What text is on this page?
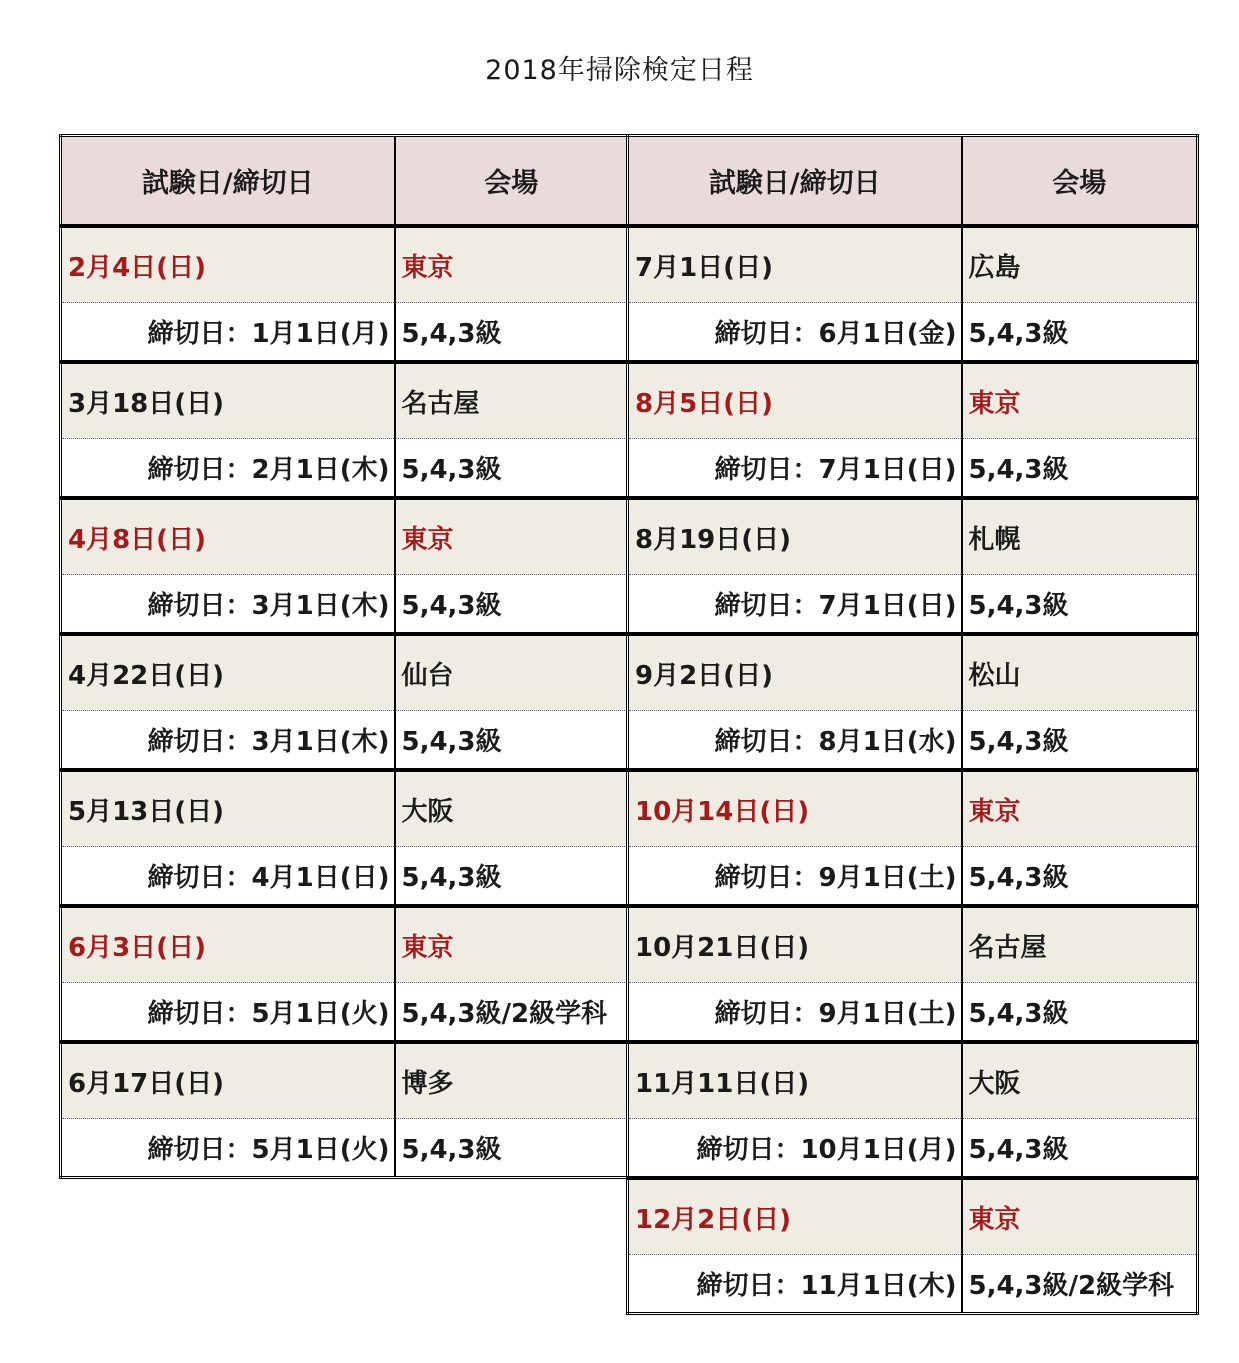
2018年掃除検定日程
試験日/締切日	会場
2月4日(日)	東京
締切日：1月1日(月)	5,4,3級
3月18日(日)	名古屋
締切日：2月1日(木)	5,4,3級
4月8日(日)	東京
締切日：3月1日(木)	5,4,3級
4月22日(日)	仙台
締切日：3月1日(木)	5,4,3級
5月13日(日)	大阪
締切日：4月1日(日)	5,4,3級
6月3日(日)	東京
締切日：5月1日(火)	5,4,3級/2級学科
6月17日(日)	博多
締切日：5月1日(火)	5,4,3級
試験日/締切日	会場
7月1日(日)	広島
締切日：6月1日(金)	5,4,3級
8月5日(日)	東京
締切日：7月1日(日)	5,4,3級
8月19日(日)	札幌
締切日：7月1日(日)	5,4,3級
9月2日(日)	松山
締切日：8月1日(水)	5,4,3級
10月14日(日)	東京
締切日：9月1日(土)	5,4,3級
10月21日(日)	名古屋
締切日：9月1日(土)	5,4,3級
11月11日(日)	大阪
締切日：10月1日(月)	5,4,3級
12月2日(日)	東京
締切日：11月1日(木)	5,4,3級/2級学科
